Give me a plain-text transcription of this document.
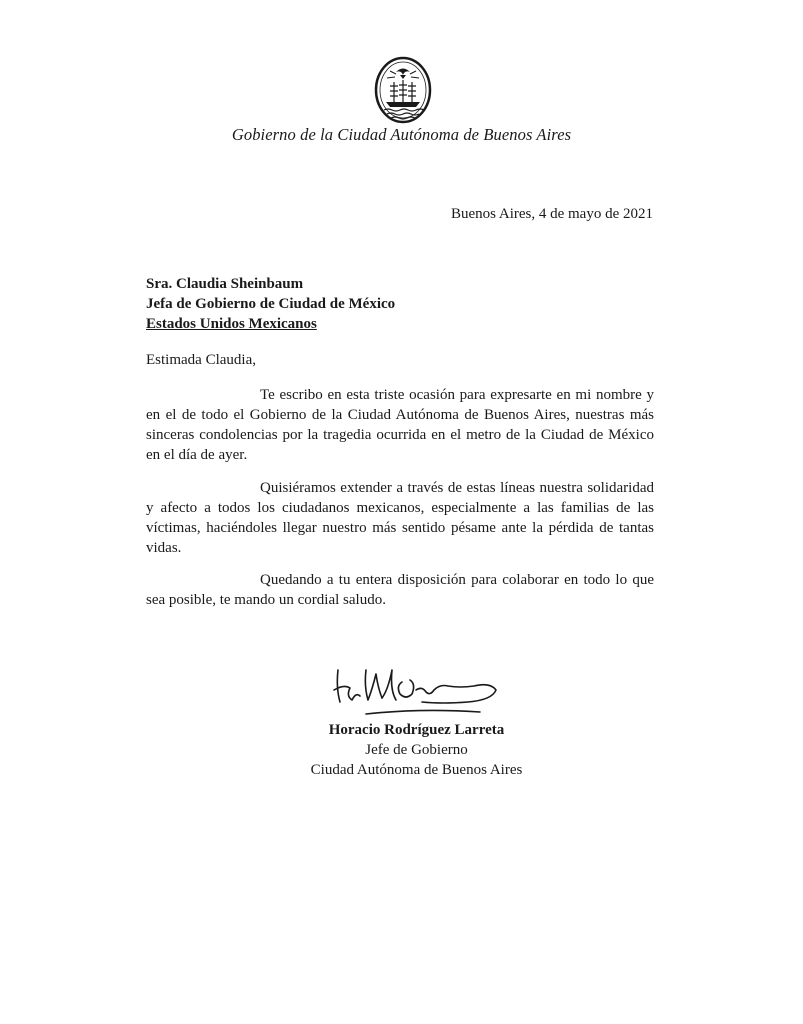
Gobierno de la Ciudad Autónoma de Buenos Aires
Buenos Aires, 4 de mayo de 2021
Sra. Claudia Sheinbaum
Jefa de Gobierno de Ciudad de México
Estados Unidos Mexicanos
Estimada Claudia,

Te escribo en esta triste ocasión para expresarte en mi nombre y en el de todo el Gobierno de la Ciudad Autónoma de Buenos Aires, nuestras más sinceras condolencias por la tragedia ocurrida en el metro de la Ciudad de México en el día de ayer.

Quisiéramos extender a través de estas líneas nuestra solidaridad y afecto a todos los ciudadanos mexicanos, especialmente a las familias de las víctimas, haciéndoles llegar nuestro más sentido pésame ante la pérdida de tantas vidas.

Quedando a tu entera disposición para colaborar en todo lo que sea posible, te mando un cordial saludo.

Horacio Rodríguez Larreta
Jefe de Gobierno
Ciudad Autónoma de Buenos Aires
